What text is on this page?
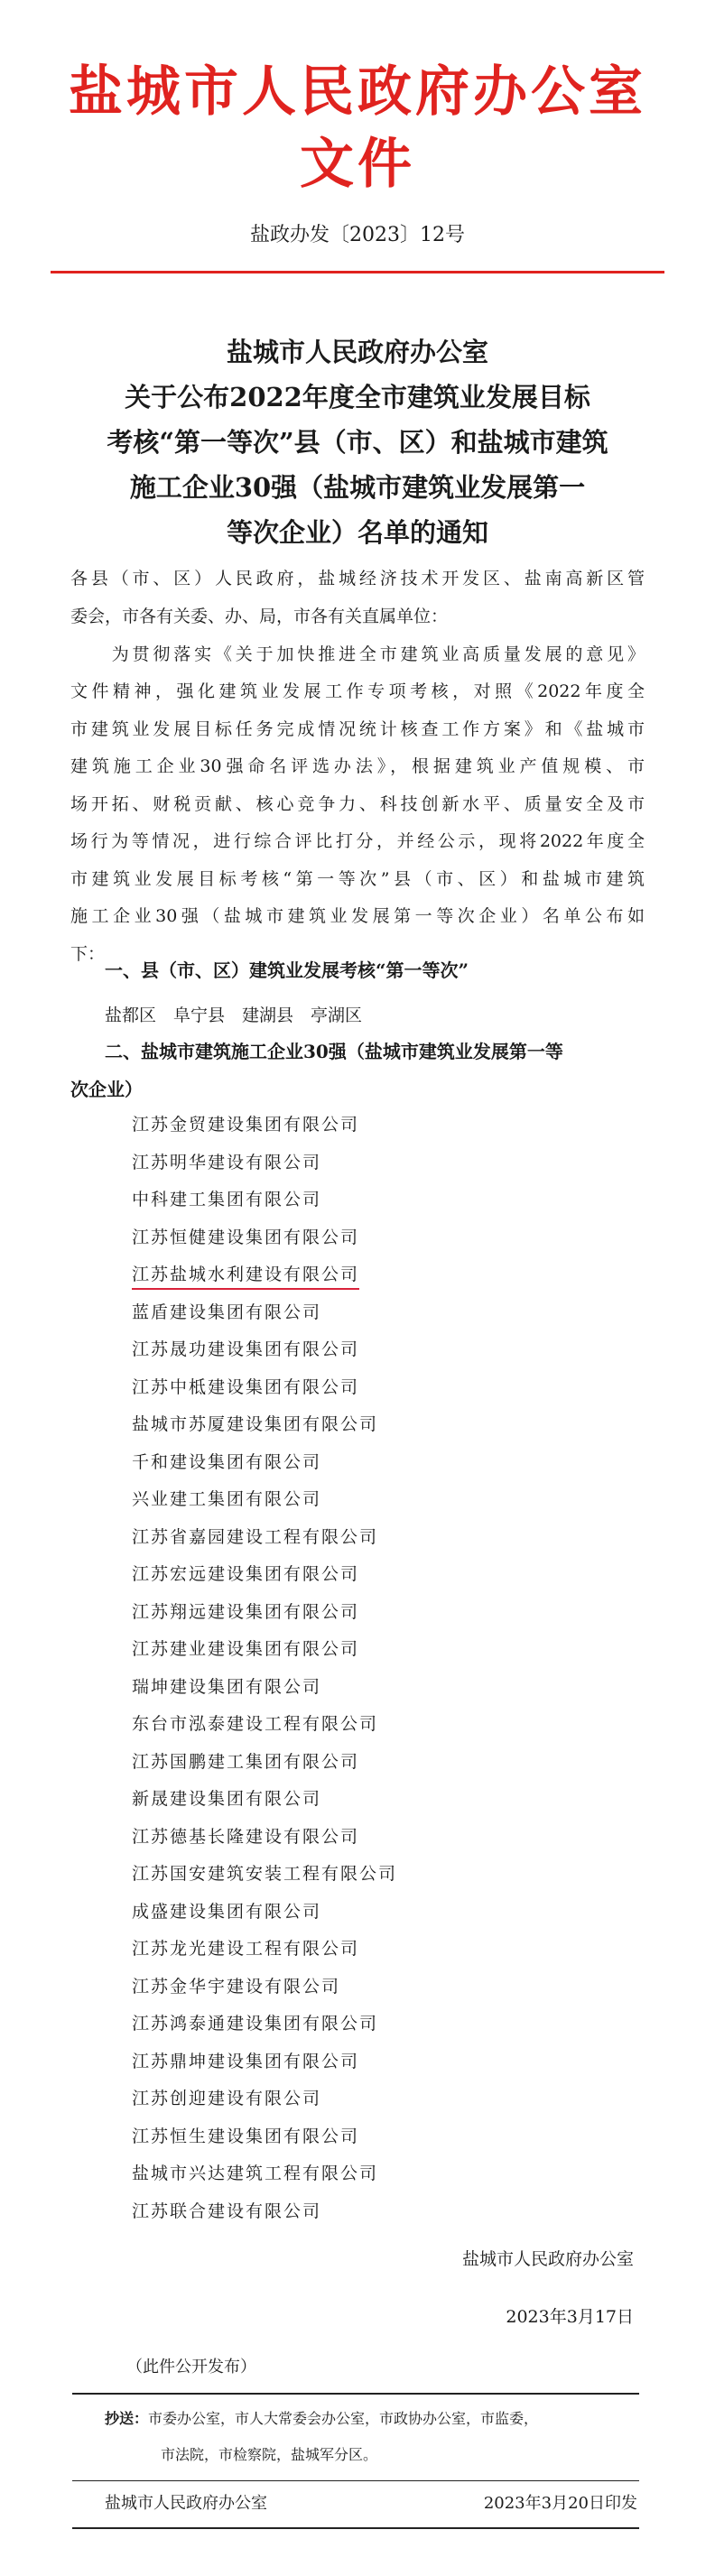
盐城市人民政府办公室文件
盐政办发〔2023〕12号
盐城市人民政府办公室
关于公布2022年度全市建筑业发展目标
考核“第一等次”县（市、区）和盐城市建筑
施工企业30强（盐城市建筑业发展第一
等次企业）名单的通知
各县（市、区）人民政府，盐城经济技术开发区、盐南高新区管
委会，市各有关委、办、局，市各有关直属单位：
　　为贯彻落实《关于加快推进全市建筑业高质量发展的意见》
文件精神，强化建筑业发展工作专项考核，对照《2022年度全
市建筑业发展目标任务完成情况统计核查工作方案》和《盐城市
建筑施工企业30强命名评选办法》，根据建筑业产值规模、市
场开拓、财税贡献、核心竞争力、科技创新水平、质量安全及市
场行为等情况，进行综合评比打分，并经公示，现将2022年度全
市建筑业发展目标考核“第一等次”县（市、区）和盐城市建筑
施工企业30强（盐城市建筑业发展第一等次企业）名单公布如
下：
一、县（市、区）建筑业发展考核“第一等次”
盐都区　阜宁县　建湖县　亭湖区
二、盐城市建筑施工企业30强（盐城市建筑业发展第一等
次企业）
江苏金贸建设集团有限公司
江苏明华建设有限公司
中科建工集团有限公司
江苏恒健建设集团有限公司
江苏盐城水利建设有限公司
蓝盾建设集团有限公司
江苏晟功建设集团有限公司
江苏中柢建设集团有限公司
盐城市苏厦建设集团有限公司
千和建设集团有限公司
兴业建工集团有限公司
江苏省嘉园建设工程有限公司
江苏宏远建设集团有限公司
江苏翔远建设集团有限公司
江苏建业建设集团有限公司
瑞坤建设集团有限公司
东台市泓泰建设工程有限公司
江苏国鹏建工集团有限公司
新晟建设集团有限公司
江苏德基长隆建设有限公司
江苏国安建筑安装工程有限公司
成盛建设集团有限公司
江苏龙光建设工程有限公司
江苏金华宇建设有限公司
江苏鸿泰通建设集团有限公司
江苏鼎坤建设集团有限公司
江苏创迎建设有限公司
江苏恒生建设集团有限公司
盐城市兴达建筑工程有限公司
江苏联合建设有限公司
盐城市人民政府办公室
2023年3月17日
（此件公开发布）
抄送：市委办公室，市人大常委会办公室，市政协办公室，市监委，
市法院，市检察院，盐城军分区。
盐城市人民政府办公室	2023年3月20日印发
